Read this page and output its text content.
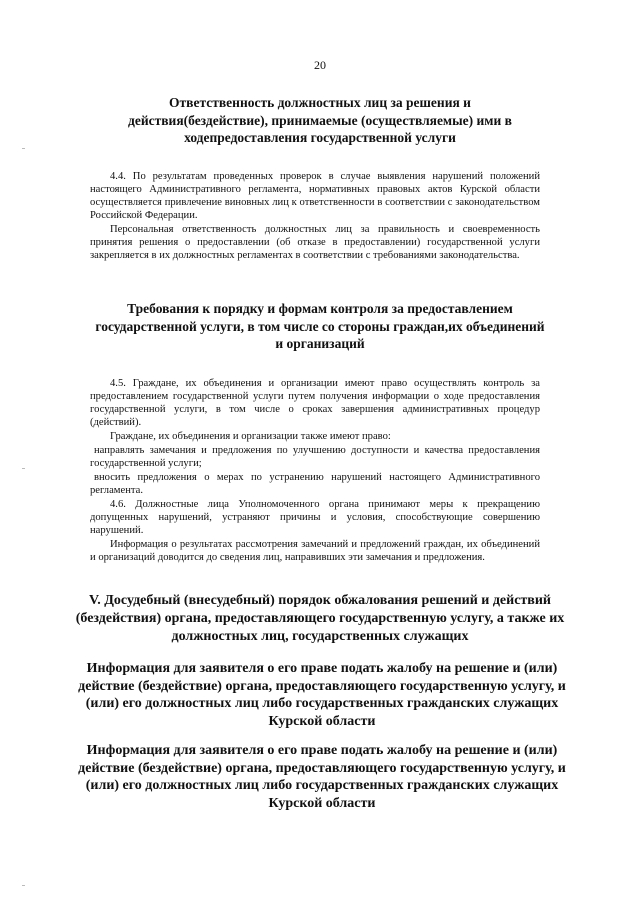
20
Ответственность должностных лиц за решения и действия(бездействие), принимаемые (осуществляемые) ими в ходепредоставления государственной услуги

4.4. По результатам проведенных проверок в случае выявления нарушений положений настоящего Административного регламента, нормативных правовых актов Курской области осуществляется привлечение виновных лиц к ответственности в соответствии с законодательством Российской Федерации.

Персональная ответственность должностных лиц за правильность и своевременность принятия решения о предоставлении (об отказе в предоставлении) государственной услуги закрепляется в их должностных регламентах в соответствии с требованиями законодательства.

Требования к порядку и формам контроля за предоставлением государственной услуги, в том числе со стороны граждан,их объединений и организаций

4.5. Граждане, их объединения и организации имеют право осуществлять контроль за предоставлением государственной услуги путем получения информации о ходе предоставления государственной услуги, в том числе о сроках завершения административных процедур (действий).

Граждане, их объединения и организации также имеют право:

направлять замечания и предложения по улучшению доступности и качества предоставления государственной услуги;

вносить предложения о мерах по устранению нарушений настоящего Административного регламента.

4.6. Должностные лица Уполномоченного органа принимают меры к прекращению допущенных нарушений, устраняют причины и условия, способствующие совершению нарушений.

Информация о результатах рассмотрения замечаний и предложений граждан, их объединений и организаций доводится до сведения лиц, направивших эти замечания и предложения.

V. Досудебный (внесудебный) порядок обжалования решений и действий (бездействия) органа, предоставляющего государственную услугу, а также их должностных лиц, государственных служащих
Информация для заявителя о его праве подать жалобу на решение и (или) действие (бездействие) органа, предоставляющего государственную услугу, и (или) его должностных лиц либо государственных гражданских служащих Курской области
Информация для заявителя о его праве подать жалобу на решение и (или) действие (бездействие) органа, предоставляющего государственную услугу, и (или) его должностных лиц либо государственных гражданских служащих Курской области
